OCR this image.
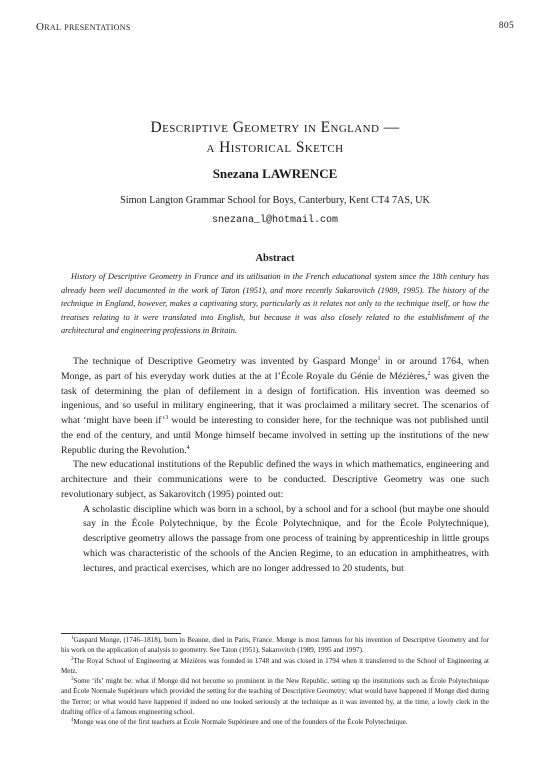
Oral presentations	805
Descriptive Geometry in England —
a Historical Sketch
Snezana LAWRENCE
Simon Langton Grammar School for Boys, Canterbury, Kent CT4 7AS, UK
snezana_l@hotmail.com
Abstract
History of Descriptive Geometry in France and its utilisation in the French educational system since the 18th century has already been well documented in the work of Taton (1951), and more recently Sakarovitch (1989, 1995). The history of the technique in England, however, makes a captivating story, particularly as it relates not only to the technique itself, or how the treatises relating to it were translated into English, but because it was also closely related to the establishment of the architectural and engineering professions in Britain.

The technique of Descriptive Geometry was invented by Gaspard Monge$^1$ in or around 1764, when Monge, as part of his everyday work duties at the at l’École Royale du Génie de Mézières,$^2$ was given the task of determining the plan of defilement in a design of fortification. His invention was deemed so ingenious, and so useful in military engineering, that it was proclaimed a military secret. The scenarios of what ‘might have been if’$^3$ would be interesting to consider here, for the technique was not published until the end of the century, and until Monge himself became involved in setting up the institutions of the new Republic during the Revolution.$^4$

The new educational institutions of the Republic defined the ways in which mathematics, engineering and architecture and their communications were to be conducted. Descriptive Geometry was one such revolutionary subject, as Sakarovitch (1995) pointed out:

A scholastic discipline which was born in a school, by a school and for a school (but maybe one should say in the École Polytechnique, by the École Polytechnique, and for the École Polytechnique), descriptive geometry allows the passage from one process of training by apprenticeship in little groups which was characteristic of the schools of the Ancien Regime, to an education in amphitheatres, with lectures, and practical exercises, which are no longer addressed to 20 students, but

$^1$Gaspard Monge, (1746–1818), born in Beaune, died in Paris, France. Monge is most famous for his invention of Descriptive Geometry and for his work on the application of analysis to geometry. See Taton (1951), Sakarovitch (1989, 1995 and 1997).

$^2$The Royal School of Engineering at Mézières was founded in 1748 and was closed in 1794 when it transferred to the School of Engineering at Metz.

$^3$Some ‘ifs’ might be: what if Monge did not become so prominent in the New Republic, setting up the institutions such as École Polytechnique and École Normale Supérieure which provided the setting for the teaching of Descriptive Geometry; what would have happened if Monge died during the Terror; or what would have happened if indeed no one looked seriously at the technique as it was invented by, at the time, a lowly clerk in the drafting office of a famous engineering school.

$^4$Monge was one of the first teachers at École Normale Supérieure and one of the founders of the École Polytechnique.
